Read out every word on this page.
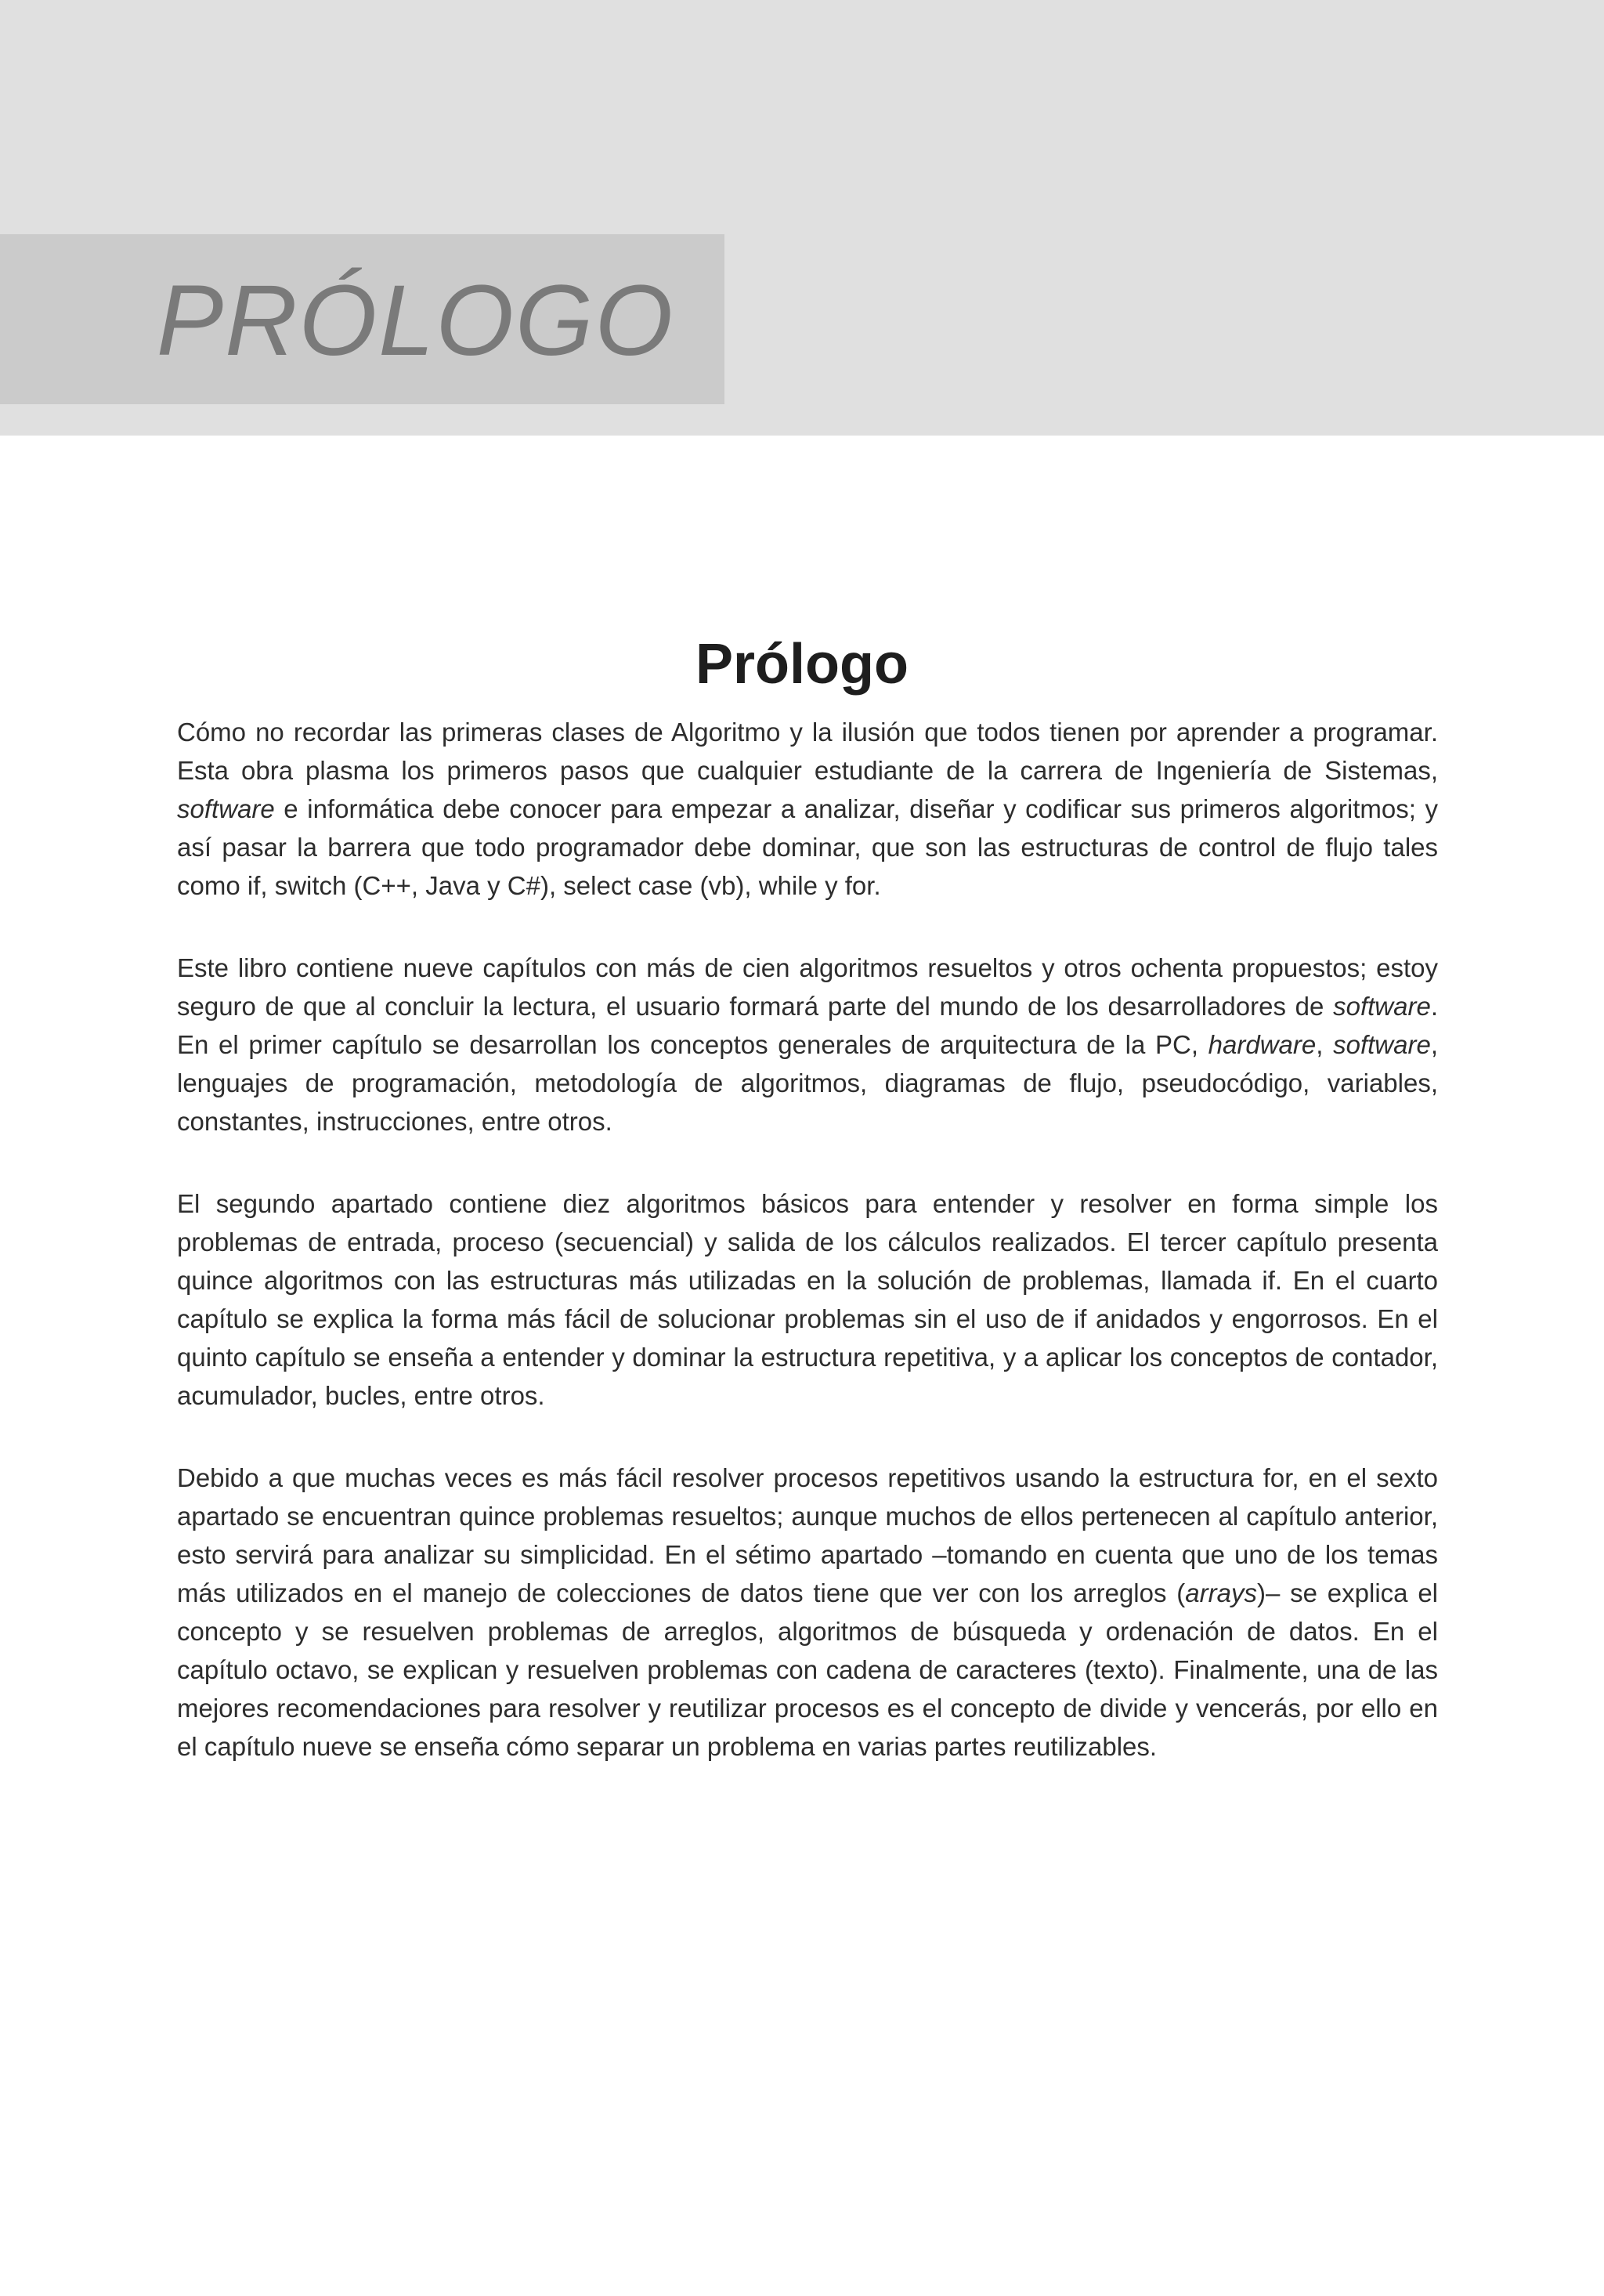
PRÓLOGO
Prólogo

Cómo no recordar las primeras clases de Algoritmo y la ilusión que todos tienen por aprender a programar. Esta obra plasma los primeros pasos que cualquier estudiante de la carrera de Ingeniería de Sistemas, software e informática debe conocer para empezar a analizar, diseñar y codificar sus primeros algoritmos; y así pasar la barrera que todo programador debe dominar, que son las estructuras de control de flujo tales como if, switch (C++, Java y C#), select case (vb), while y for.

Este libro contiene nueve capítulos con más de cien algoritmos resueltos y otros ochenta propuestos; estoy seguro de que al concluir la lectura, el usuario formará parte del mundo de los desarrolladores de software. En el primer capítulo se desarrollan los conceptos generales de arquitectura de la PC, hardware, software, lenguajes de programación, metodología de algoritmos, diagramas de flujo, pseudocódigo, variables, constantes, instrucciones, entre otros.

El segundo apartado contiene diez algoritmos básicos para entender y resolver en forma simple los problemas de entrada, proceso (secuencial) y salida de los cálculos realizados. El tercer capítulo presenta quince algoritmos con las estructuras más utilizadas en la solución de problemas, llamada if. En el cuarto capítulo se explica la forma más fácil de solucionar problemas sin el uso de if anidados y engorrosos. En el quinto capítulo se enseña a entender y dominar la estructura repetitiva, y a aplicar los conceptos de contador, acumulador, bucles, entre otros.

Debido a que muchas veces es más fácil resolver procesos repetitivos usando la estructura for, en el sexto apartado se encuentran quince problemas resueltos; aunque muchos de ellos pertenecen al capítulo anterior, esto servirá para analizar su simplicidad. En el sétimo apartado –tomando en cuenta que uno de los temas más utilizados en el manejo de colecciones de datos tiene que ver con los arreglos (arrays)– se explica el concepto y se resuelven problemas de arreglos, algoritmos de búsqueda y ordenación de datos. En el capítulo octavo, se explican y resuelven problemas con cadena de caracteres (texto). Finalmente, una de las mejores recomendaciones para resolver y reutilizar procesos es el concepto de divide y vencerás, por ello en el capítulo nueve se enseña cómo separar un problema en varias partes reutilizables.
